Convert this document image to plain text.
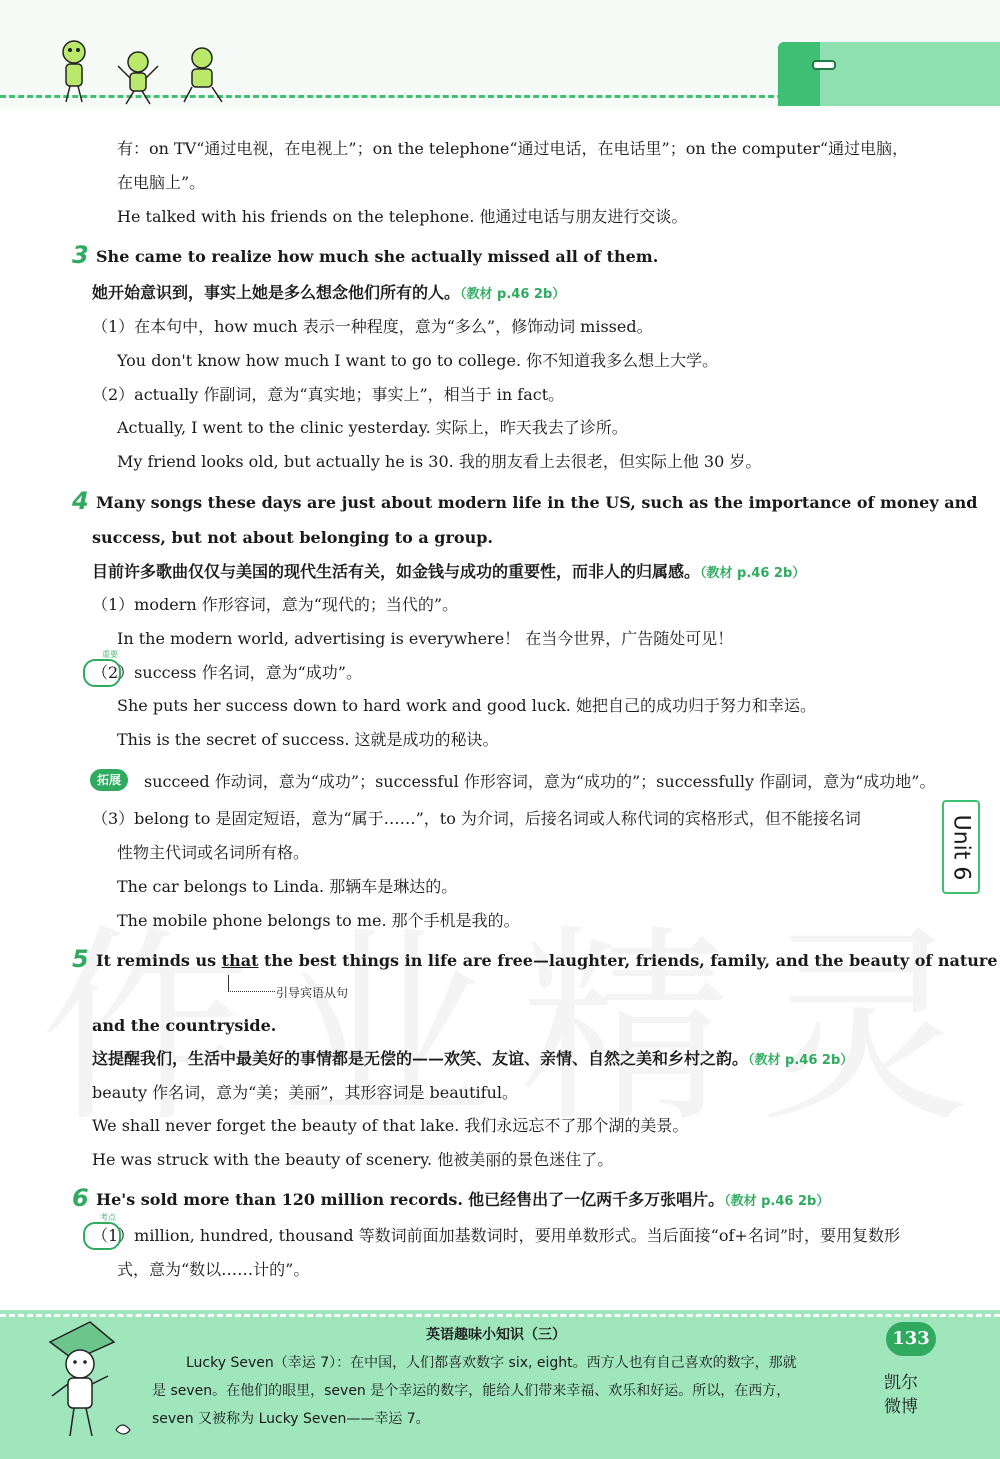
有：on TV“通过电视，在电视上”；on the telephone“通过电话，在电话里”；on the computer“通过电脑，
在电脑上”。
He talked with his friends on the telephone. 他通过电话与朋友进行交谈。
3 She came to realize how much she actually missed all of them.
她开始意识到，事实上她是多么想念他们所有的人。（教材 p.46 2b）
（1）在本句中，how much 表示一种程度，意为“多么”，修饰动词 missed。
You don't know how much I want to go to college. 你不知道我多么想上大学。
（2）actually 作副词，意为“真实地；事实上”，相当于 in fact。
Actually, I went to the clinic yesterday. 实际上，昨天我去了诊所。
My friend looks old, but actually he is 30. 我的朋友看上去很老，但实际上他 30 岁。
4 Many songs these days are just about modern life in the US, such as the importance of money and
success, but not about belonging to a group.
目前许多歌曲仅仅与美国的现代生活有关，如金钱与成功的重要性，而非人的归属感。（教材 p.46 2b）
（1）modern 作形容词，意为“现代的；当代的”。
In the modern world, advertising is everywhere！ 在当今世界，广告随处可见！
重要
（2）success 作名词，意为“成功”。
She puts her success down to hard work and good luck. 她把自己的成功归于努力和幸运。
This is the secret of success. 这就是成功的秘诀。
拓展	succeed 作动词，意为“成功”；successful 作形容词，意为“成功的”；successfully 作副词，意为“成功地”。
（3）belong to 是固定短语，意为“属于……”，to 为介词，后接名词或人称代词的宾格形式，但不能接名词
性物主代词或名词所有格。
The car belongs to Linda. 那辆车是琳达的。
The mobile phone belongs to me. 那个手机是我的。
Unit 6
5 It reminds us that the best things in life are free—laughter, friends, family, and the beauty of nature
引导宾语从句
and the countryside.
这提醒我们，生活中最美好的事情都是无偿的——欢笑、友谊、亲情、自然之美和乡村之韵。（教材 p.46 2b）
beauty 作名词，意为“美；美丽”，其形容词是 beautiful。
We shall never forget the beauty of that lake. 我们永远忘不了那个湖的美景。
He was struck with the beauty of scenery. 他被美丽的景色迷住了。
6 He's sold more than 120 million records. 他已经售出了一亿两千多万张唱片。（教材 p.46 2b）
考点
（1）million, hundred, thousand 等数词前面加基数词时，要用单数形式。当后面接“of+名词”时，要用复数形
式，意为“数以……计的”。
英语趣味小知识（三）
Lucky Seven（幸运 7）：在中国，人们都喜欢数字 six, eight。西方人也有自己喜欢的数字，那就
是 seven。在他们的眼里，seven 是个幸运的数字，能给人们带来幸福、欢乐和好运。所以，在西方，
seven 又被称为 Lucky Seven——幸运 7。
133
凯尔
微博
